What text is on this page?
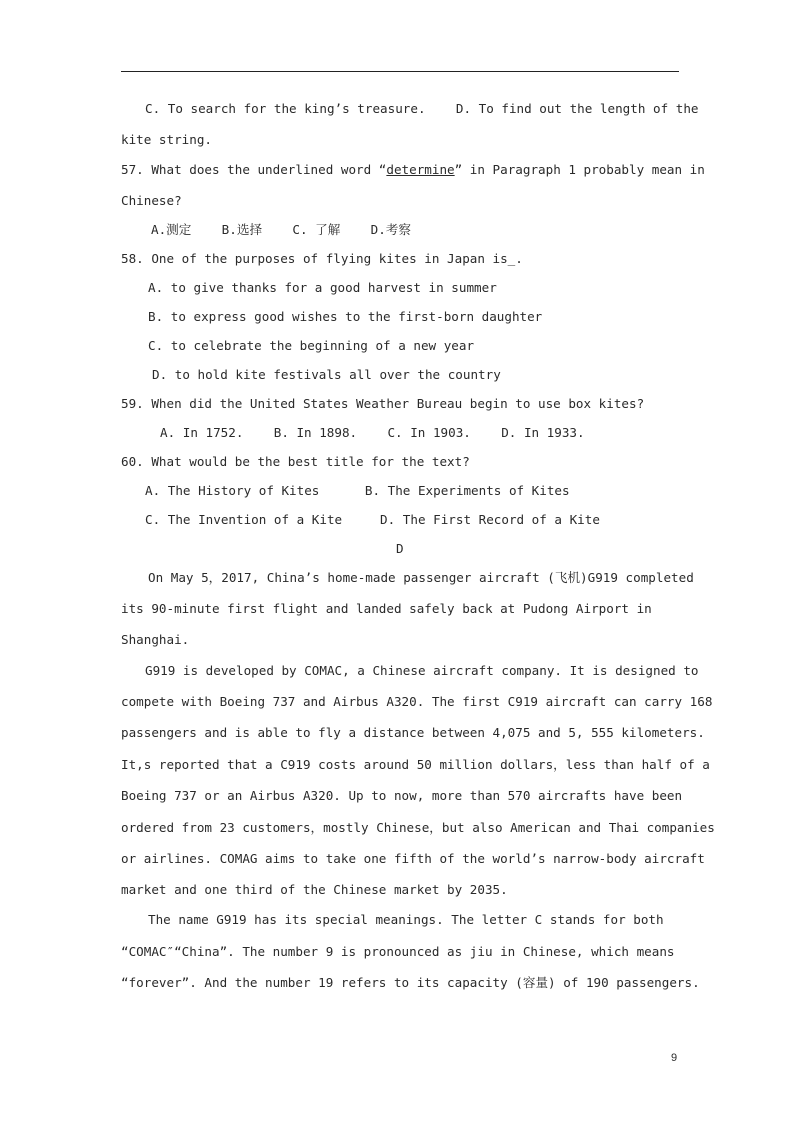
C. To search for the king’s treasure.    D. To find out the length of the
kite string.
57. What does the underlined word “determine” in Paragraph 1 probably mean in
Chinese?
A.测定    B.选择    C. 了解    D.考察
58. One of the purposes of flying kites in Japan is_.
A. to give thanks for a good harvest in summer
B. to express good wishes to the first-born daughter
C. to celebrate the beginning of a new year
D. to hold kite festivals all over the country
59. When did the United States Weather Bureau begin to use box kites?
A. In 1752.    B. In 1898.    C. In 1903.    D. In 1933.
60. What would be the best title for the text?
A. The History of Kites      B. The Experiments of Kites
C. The Invention of a Kite     D. The First Record of a Kite
D
On May 5，2017, China’s home-made passenger aircraft (飞机)G919 completed
its 90-minute first flight and landed safely back at Pudong Airport in
Shanghai.
G919 is developed by COMAC, a Chinese aircraft company. It is designed to
compete with Boeing 737 and Airbus A320. The first C919 aircraft can carry 168
passengers and is able to fly a distance between 4,075 and 5, 555 kilometers.
It,s reported that a C919 costs around 50 million dollars，less than half of a
Boeing 737 or an Airbus A320. Up to now, more than 570 aircrafts have been
ordered from 23 customers，mostly Chinese，but also American and Thai companies
or airlines. COMAG aims to take one fifth of the world’s narrow-body aircraft
market and one third of the Chinese market by 2035.
The name G919 has its special meanings. The letter C stands for both
“COMAC″“China”. The number 9 is pronounced as jiu in Chinese, which means
“forever”. And the number 19 refers to its capacity (容量) of 190 passengers.
9
